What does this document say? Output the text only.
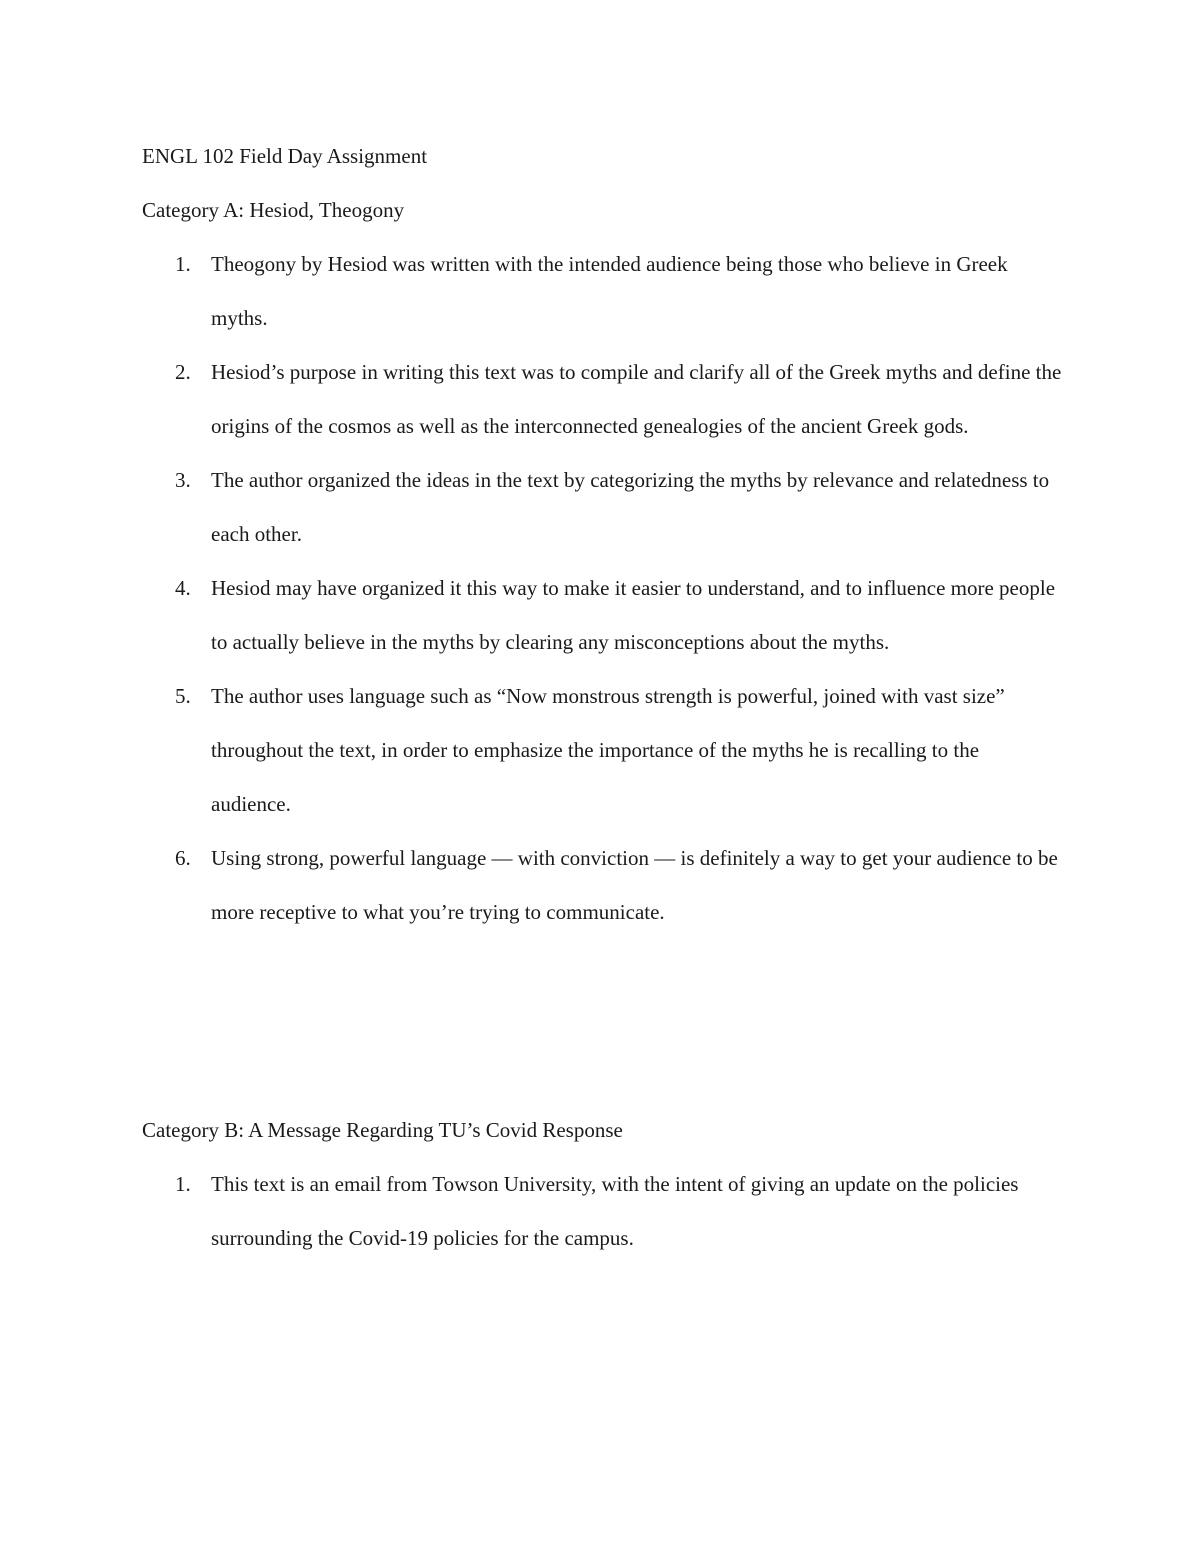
ENGL 102 Field Day Assignment
Category A: Hesiod, Theogony
1. Theogony by Hesiod was written with the intended audience being those who believe in Greek myths.
2. Hesiod’s purpose in writing this text was to compile and clarify all of the Greek myths and define the origins of the cosmos as well as the interconnected genealogies of the ancient Greek gods.
3. The author organized the ideas in the text by categorizing the myths by relevance and relatedness to each other.
4. Hesiod may have organized it this way to make it easier to understand, and to influence more people to actually believe in the myths by clearing any misconceptions about the myths.
5. The author uses language such as “Now monstrous strength is powerful, joined with vast size” throughout the text, in order to emphasize the importance of the myths he is recalling to the audience.
6. Using strong, powerful language — with conviction — is definitely a way to get your audience to be more receptive to what you’re trying to communicate.
Category B: A Message Regarding TU’s Covid Response
1. This text is an email from Towson University, with the intent of giving an update on the policies surrounding the Covid-19 policies for the campus.
